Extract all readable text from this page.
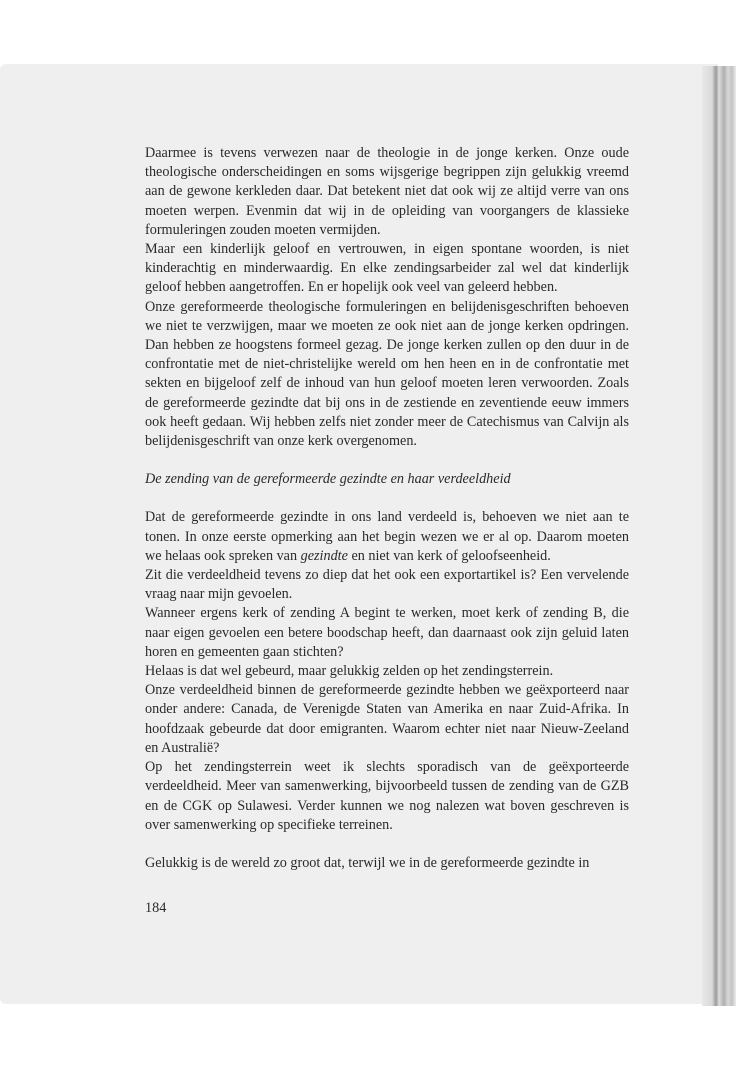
Daarmee is tevens verwezen naar de theologie in de jonge kerken. Onze oude theologische onderscheidingen en soms wijsgerige begrippen zijn gelukkig vreemd aan de gewone kerkleden daar. Dat betekent niet dat ook wij ze altijd verre van ons moeten werpen. Evenmin dat wij in de opleiding van voorgangers de klassieke formuleringen zouden moeten vermijden.

Maar een kinderlijk geloof en vertrouwen, in eigen spontane woorden, is niet kinderachtig en minderwaardig. En elke zendingsarbeider zal wel dat kinderlijk geloof hebben aangetroffen. En er hopelijk ook veel van geleerd hebben.

Onze gereformeerde theologische formuleringen en belijdenisgeschriften behoeven we niet te verzwijgen, maar we moeten ze ook niet aan de jonge kerken opdringen. Dan hebben ze hoogstens formeel gezag. De jonge kerken zullen op den duur in de confrontatie met de niet-christelijke wereld om hen heen en in de confrontatie met sekten en bijgeloof zelf de inhoud van hun geloof moeten leren verwoorden. Zoals de gereformeerde gezindte dat bij ons in de zestiende en zeventiende eeuw immers ook heeft gedaan. Wij hebben zelfs niet zonder meer de Catechismus van Calvijn als belijdenisgeschrift van onze kerk overgenomen.

De zending van de gereformeerde gezindte en haar verdeeldheid

Dat de gereformeerde gezindte in ons land verdeeld is, behoeven we niet aan te tonen. In onze eerste opmerking aan het begin wezen we er al op. Daarom moeten we helaas ook spreken van gezindte en niet van kerk of geloofseenheid.

Zit die verdeeldheid tevens zo diep dat het ook een exportartikel is? Een vervelende vraag naar mijn gevoelen.

Wanneer ergens kerk of zending A begint te werken, moet kerk of zending B, die naar eigen gevoelen een betere boodschap heeft, dan daarnaast ook zijn geluid laten horen en gemeenten gaan stichten?

Helaas is dat wel gebeurd, maar gelukkig zelden op het zendingsterrein.

Onze verdeeldheid binnen de gereformeerde gezindte hebben we geëxporteerd naar onder andere: Canada, de Verenigde Staten van Amerika en naar Zuid-Afrika. In hoofdzaak gebeurde dat door emigranten. Waarom echter niet naar Nieuw-Zeeland en Australië?

Op het zendingsterrein weet ik slechts sporadisch van de geëxporteerde verdeeldheid. Meer van samenwerking, bijvoorbeeld tussen de zending van de GZB en de CGK op Sulawesi. Verder kunnen we nog nalezen wat boven geschreven is over samenwerking op specifieke terreinen.

Gelukkig is de wereld zo groot dat, terwijl we in de gereformeerde gezindte in

184
